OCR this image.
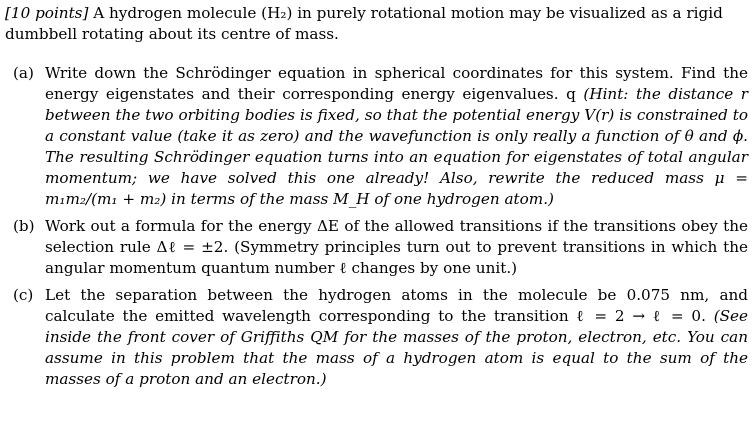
[10 points] A hydrogen molecule (H₂) in purely rotational motion may be visualized as a rigid dumbbell rotating about its centre of mass.

(a) Write down the Schrödinger equation in spherical coordinates for this system. Find the energy eigenstates and their corresponding energy eigenvalues. q (Hint: the distance r between the two orbiting bodies is fixed, so that the potential energy V(r) is constrained to a constant value (take it as zero) and the wavefunction is only really a function of θ and ϕ. The resulting Schrödinger equation turns into an equation for eigenstates of total angular momentum; we have solved this one already! Also, rewrite the reduced mass μ = m₁m₂/(m₁ + m₂) in terms of the mass M_H of one hydrogen atom.)
(b) Work out a formula for the energy ΔE of the allowed transitions if the transitions obey the selection rule Δℓ = ±2. (Symmetry principles turn out to prevent transitions in which the angular momentum quantum number ℓ changes by one unit.)
(c) Let the separation between the hydrogen atoms in the molecule be 0.075 nm, and calculate the emitted wavelength corresponding to the transition ℓ = 2 → ℓ = 0. (See inside the front cover of Griffiths QM for the masses of the proton, electron, etc. You can assume in this problem that the mass of a hydrogen atom is equal to the sum of the masses of a proton and an electron.)
